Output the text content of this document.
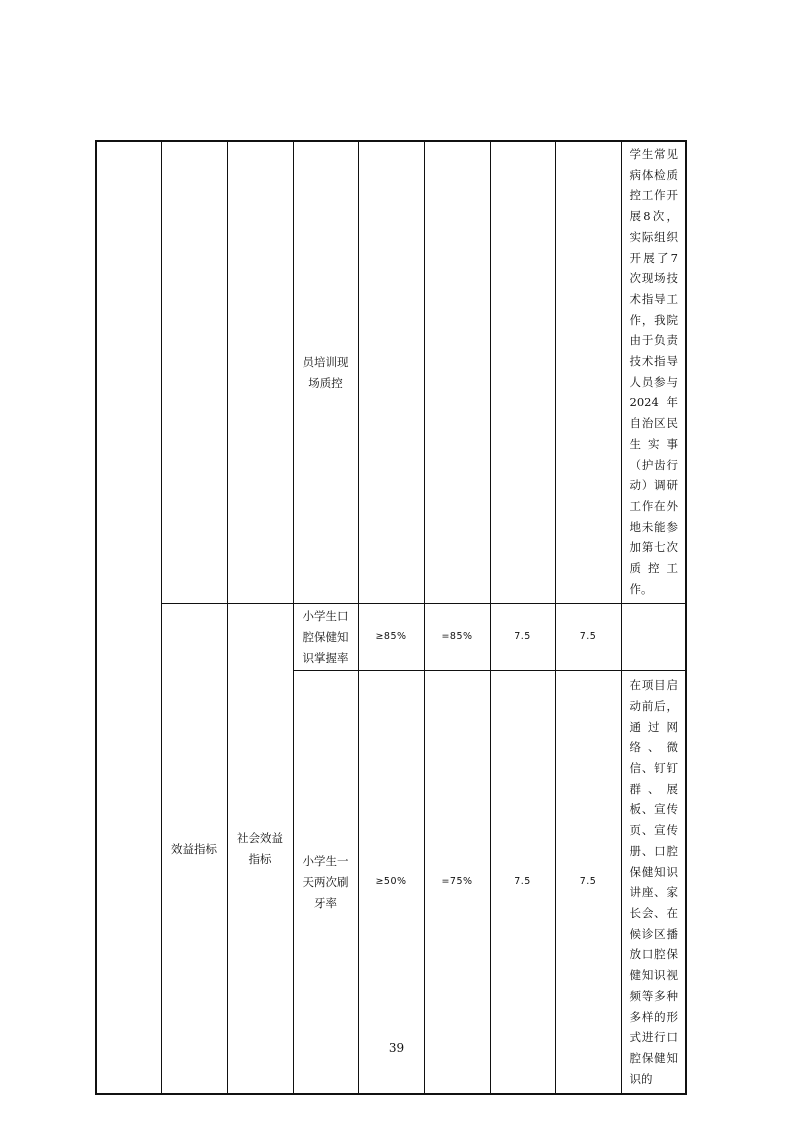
			员培训现场质控					学生常见病体检质控工作开展8次，实际组织开展了7次现场技术指导工作，我院由于负责技术指导人员参与2024年自治区民生实事（护齿行动）调研工作在外地未能参加第七次质控工作。

	效益指标	社会效益指标	小学生口腔保健知识掌握率	≥85%	=85%	7.5	7.5	

			小学生一天两次刷牙率	≥50%	=75%	7.5	7.5	在项目启动前后，通过网络、微信、钉钉群、展板、宣传页、宣传册、口腔保健知识讲座、家长会、在候诊区播放口腔保健知识视频等多种多样的形式进行口腔保健知识的
39
